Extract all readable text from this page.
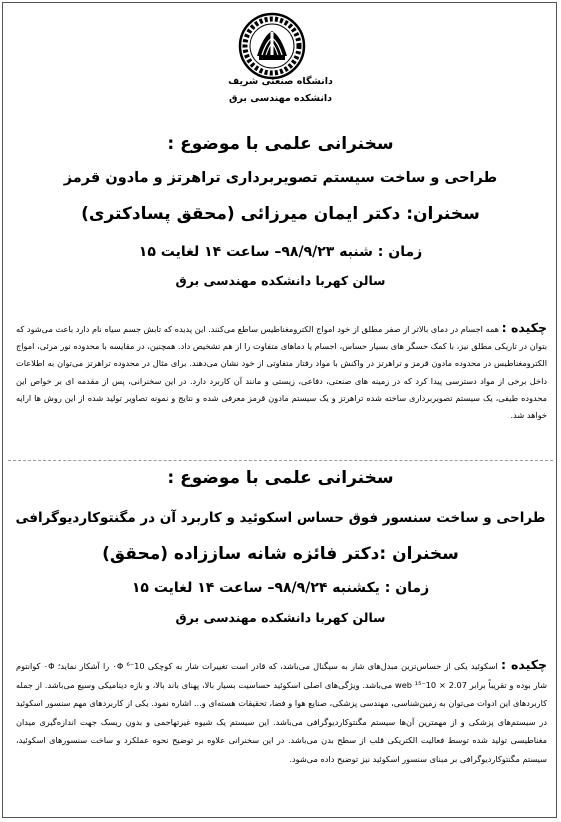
دانشگاه صنعتی شریف
دانشکده مهندسی برق
سخنرانی علمی با موضوع :
طراحی و ساخت سیستم تصویربرداری تراهرتز و مادون قرمز
سخنران: دکتر ایمان میرزائی (محقق پسادکتری)
زمان : شنبه ۹۸/۹/۲۳– ساعت ۱۴ لغایت ۱۵
سالن کهربا دانشکده مهندسی برق
چکیده : همه اجسام در دمای بالاتر از صفر مطلق از خود امواج الکترومغناطیس ساطع می‌کنند. این پدیده که تابش جسم سیاه نام دارد باعث می‌شود که بتوان در تاریکی مطلق نیز، با کمک حسگر های بسیار حساس، اجسام یا دماهای متفاوت را از هم تشخیص داد. همچنین، در مقایسه با محدوده نور مرئی، امواج الکترومغناطیس در محدوده مادون قرمز و تراهرتز در واکنش با مواد رفتار متفاوتی از خود نشان می‌دهند. برای مثال در محدوده تراهرتز می‌توان به اطلاعات داخل برخی از مواد دسترسی پیدا کرد که در زمینه های صنعتی، دفاعی، زیستی و مانند آن کاربرد دارد. در این سخنرانی، پس از مقدمه ای بر خواص این محدوده طیفی، یک سیستم تصویربرداری ساخته شده تراهرتز و یک سیستم مادون قرمز معرفی شده و نتایج و نمونه تصاویر تولید شده از این روش ها ارایه خواهد شد.
سخنرانی علمی با موضوع :
طراحی و ساخت سنسور فوق حساس اسکوئید و کاربرد آن در مگنتوکاردیوگرافی
سخنران :دکتر فائزه شانه ساززاده (محقق)
زمان : یکشنبه ۹۸/۹/۲۴– ساعت ۱۴ لغایت ۱۵
سالن کهربا دانشکده مهندسی برق
چکیده : اسکوئید یکی از حساس‌ترین مبدل‌های شار به سیگنال می‌باشد، که قادر است تغییرات شار به کوچکی ۰Φ ⁶⁻10 را آشکار نماید؛ ۰Φ کوانتوم شار بوده و تقریباً برابر web ¹⁵⁻10 × 2.07 می‌باشد. ویژگی‌های اصلی اسکوئید حساسیت بسیار بالا، پهنای باند بالا، و بازه دینامیکی وسیع می‌باشد. از جمله کاربردهای این ادوات می‌توان به زمین‌شناسی، مهندسی پزشکی، صنایع هوا و فضا، تحقیقات هسته‌ای و... اشاره نمود. یکی از کاربردهای مهم سنسور اسکوئید در سیستم‌های پزشکی و از مهمترین آن‌ها سیستم مگنتوکاردیوگرافی می‌باشد. این سیستم یک شیوه غیرتهاجمی و بدون ریسک جهت اندازه‌گیری میدان مغناطیسی تولید شده توسط فعالیت الکتریکی قلب از سطح بدن می‌باشد. در این سخنرانی علاوه بر توضیح نحوه عملکرد و ساخت سنسورهای اسکوئید، سیستم مگنتوکاردیوگرافی بر مبنای سنسور اسکوئید نیز توضیح داده می‌شود.
